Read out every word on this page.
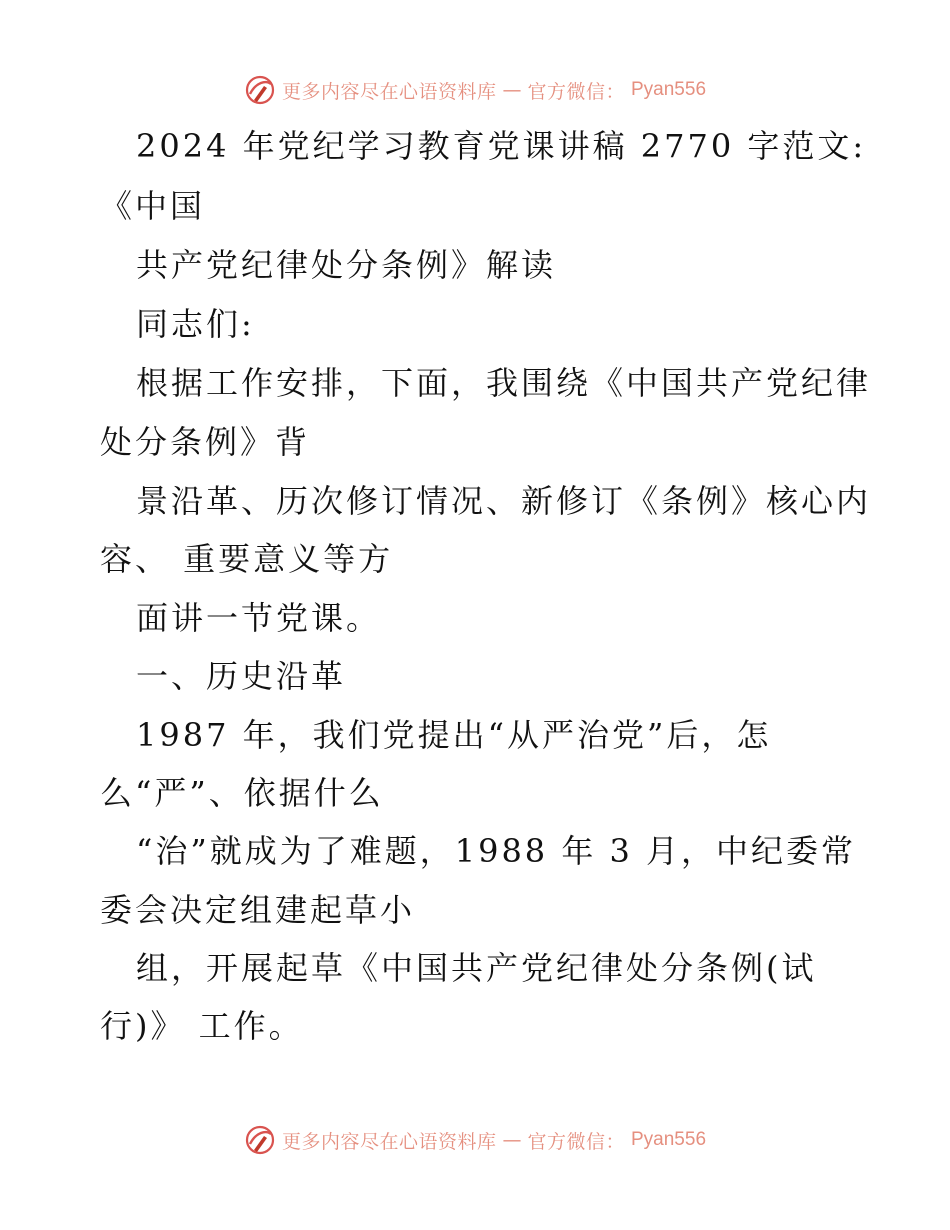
更多内容尽在心语资料库 — 官方微信： Pyan556
2024 年党纪学习教育党课讲稿 2770 字范文:
《中国
共产党纪律处分条例》解读
同志们:
根据工作安排，下面，我围绕《中国共产党纪律
处分条例》背
景沿革、历次修订情况、新修订《条例》核心内
容、 重要意义等方
面讲一节党课。
一、历史沿革
1987 年，我们党提出“从严治党”后，怎
么“严”、依据什么
“治”就成为了难题，1988 年 3 月，中纪委常
委会决定组建起草小
组，开展起草《中国共产党纪律处分条例(试
行)》 工作。
更多内容尽在心语资料库 — 官方微信： Pyan556
